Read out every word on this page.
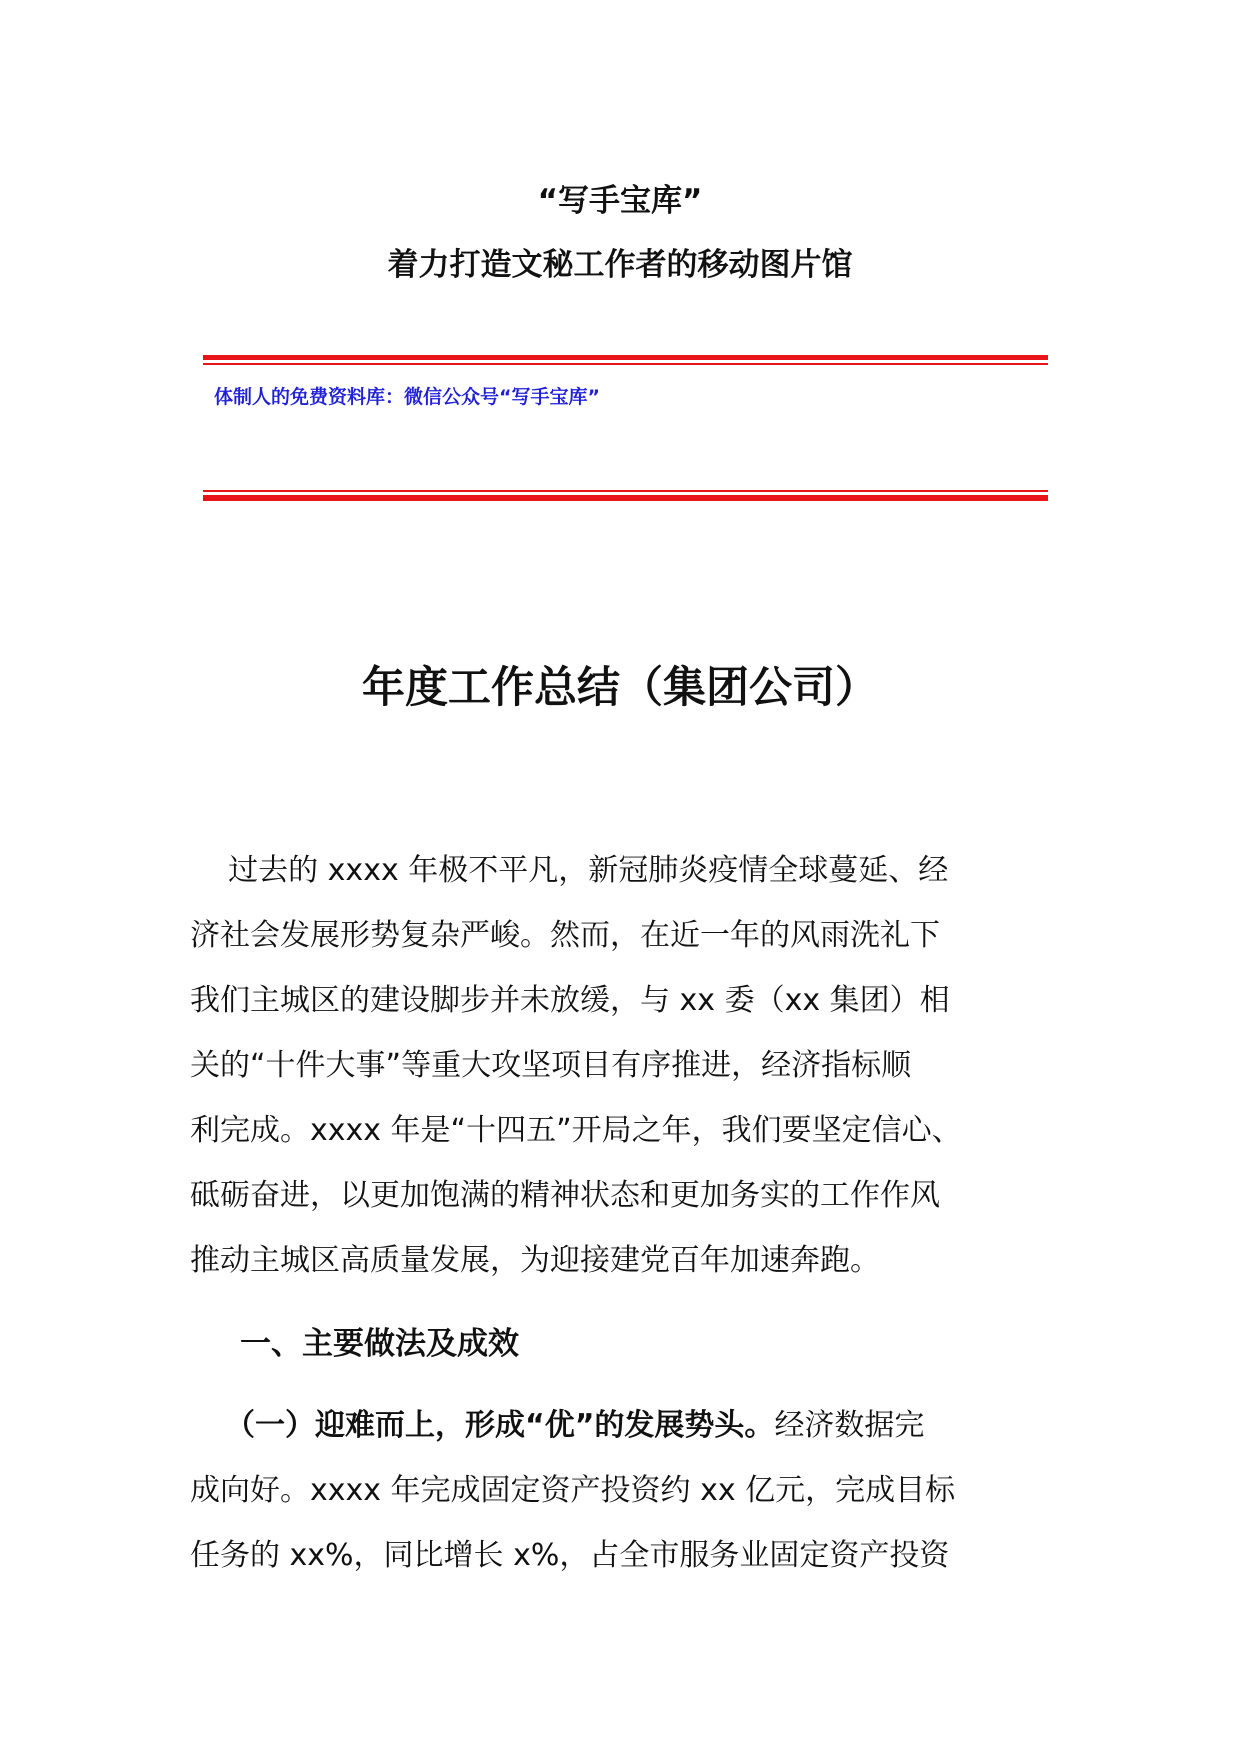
“写手宝库”
着力打造文秘工作者的移动图片馆
体制人的免费资料库：微信公众号“写手宝库”
年度工作总结（集团公司）
过去的 xxxx 年极不平凡，新冠肺炎疫情全球蔓延、经
济社会发展形势复杂严峻。然而，在近一年的风雨洗礼下
我们主城区的建设脚步并未放缓，与 xx 委（xx 集团）相
关的“十件大事”等重大攻坚项目有序推进，经济指标顺
利完成。xxxx 年是“十四五”开局之年，我们要坚定信心、
砥砺奋进，以更加饱满的精神状态和更加务实的工作作风
推动主城区高质量发展，为迎接建党百年加速奔跑。
一、主要做法及成效
（一）迎难而上，形成“优”的发展势头。经济数据完
成向好。xxxx 年完成固定资产投资约 xx 亿元，完成目标
任务的 xx%，同比增长 x%，占全市服务业固定资产投资
